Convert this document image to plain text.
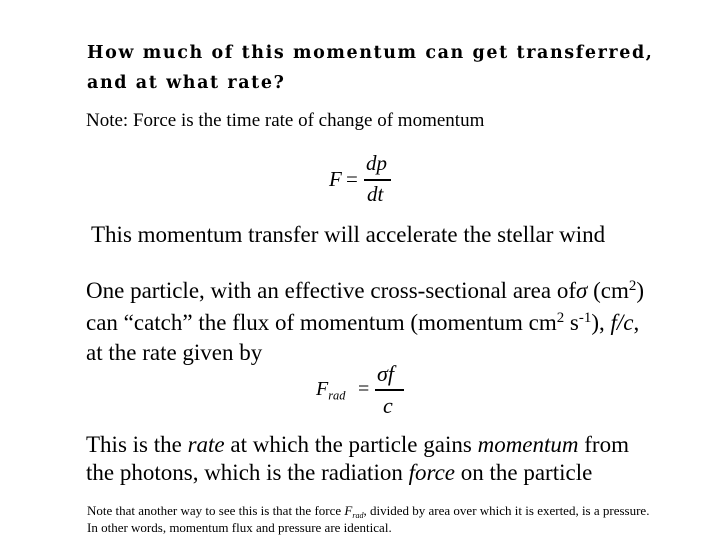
How much of this momentum can get transferred,
and at what rate?
Note: Force is the time rate of change of momentum
F =
dp
dt
This momentum transfer will accelerate the stellar wind
One particle, with an effective cross-sectional area ofσ $(cm^2)$
can “catch” the flux of momentum (momentum $cm^2$ $s^{-1}$), f/c,
at the rate given by
$F_{rad}$ =
σf
c
This is the rate at which the particle gains momentum from
the photons, which is the radiation force on the particle
Note that another way to see this is that the force $F_{rad}$, divided by area over which it is exerted, is a pressure.
In other words, momentum flux and pressure are identical.
